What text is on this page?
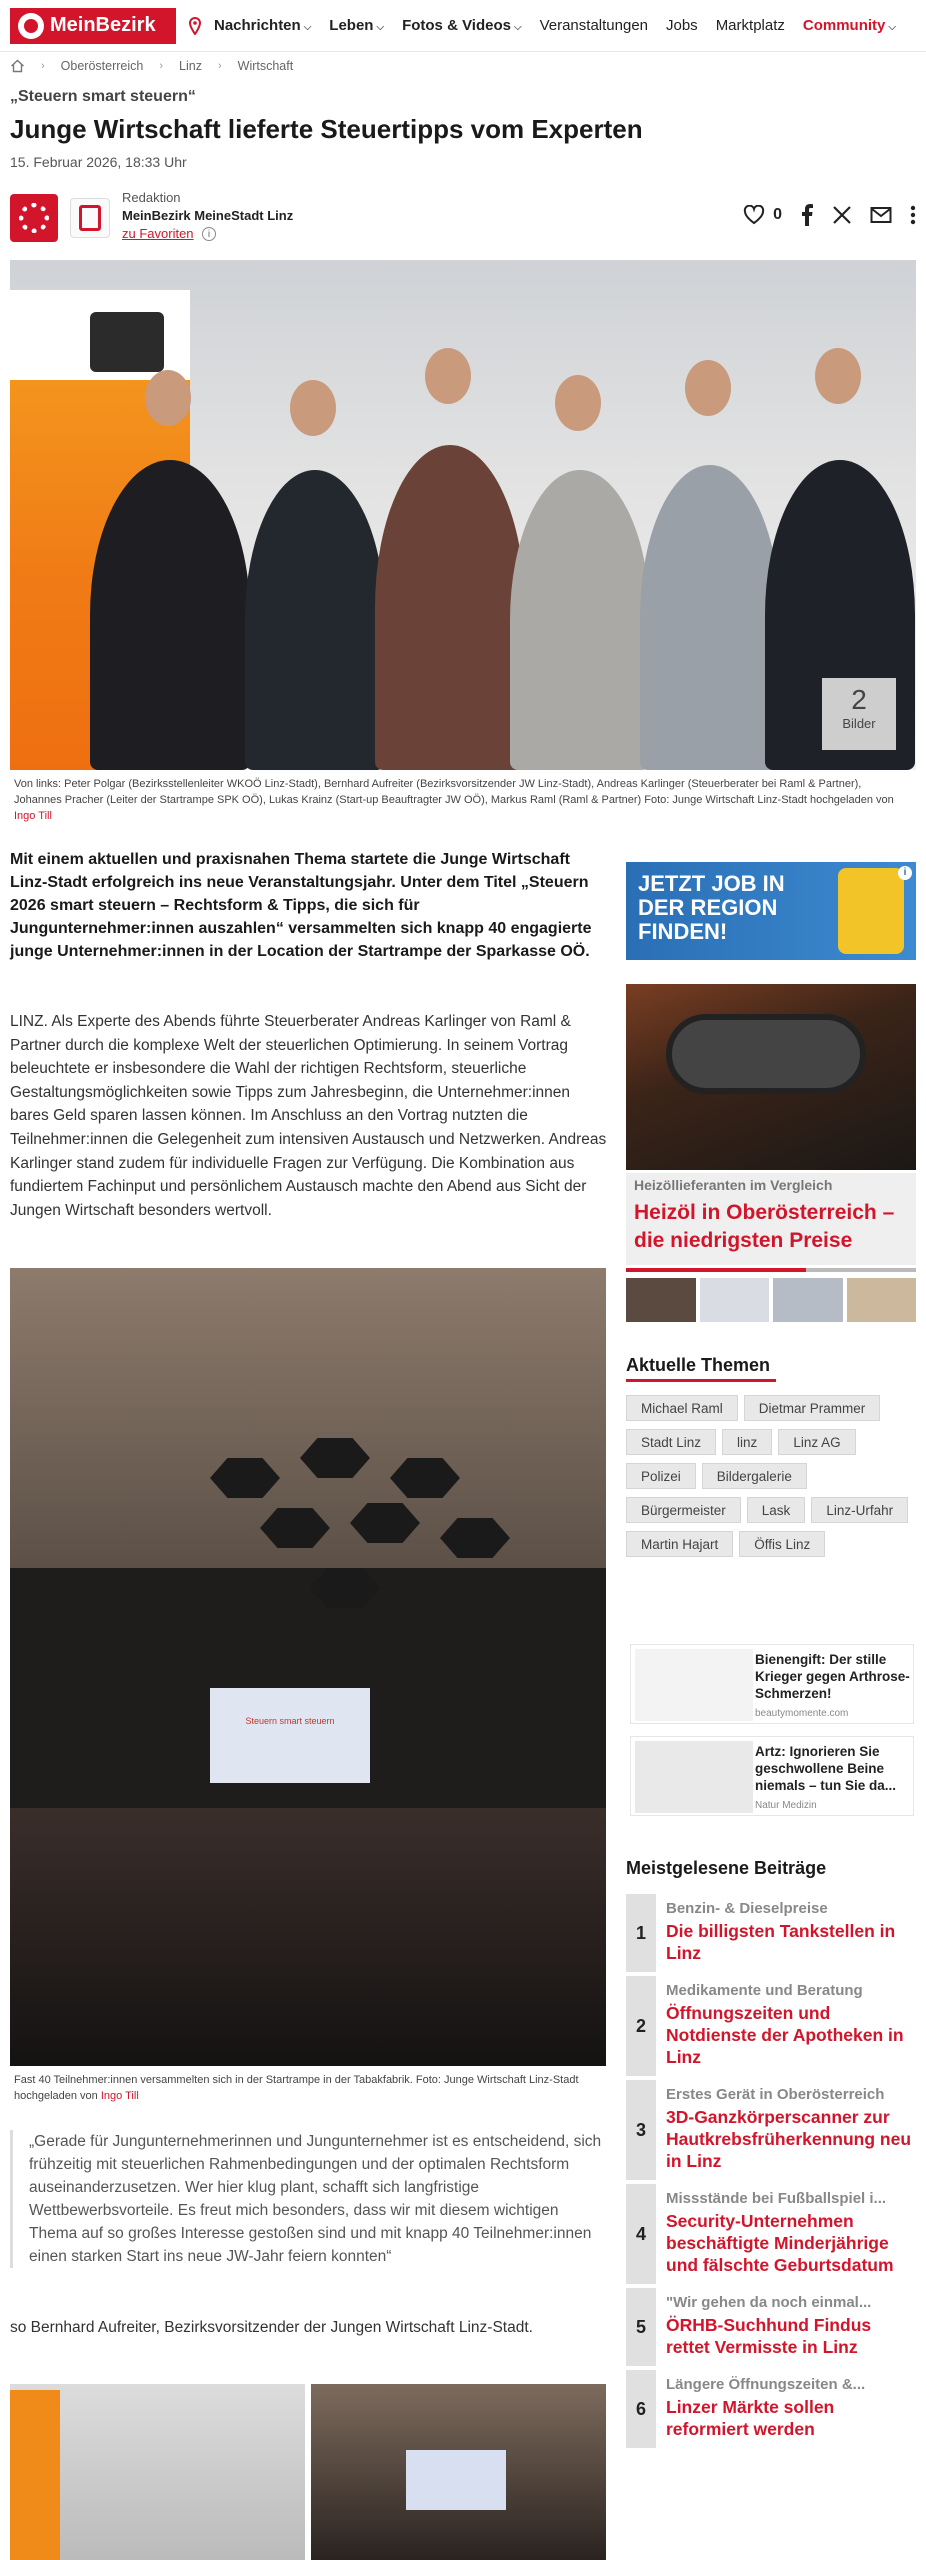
MeinBezirk	Nachrichten ⌵ Leben ⌵ Fotos & Videos ⌵ Veranstaltungen Jobs Marktplatz Community ⌵
› Oberösterreich › Linz › Wirtschaft
„Steuern smart steuern“
Junge Wirtschaft lieferte Steuertipps vom Experten
15. Februar 2026, 18:33 Uhr
Redaktion
MeinBezirk MeineStadt Linz
zu Favoriten	i
0
2
Bilder
Von links: Peter Polgar (Bezirksstellenleiter WKOÖ Linz-Stadt), Bernhard Aufreiter (Bezirksvorsitzender JW Linz-Stadt), Andreas Karlinger (Steuerberater bei Raml & Partner), Johannes Pracher (Leiter der Startrampe SPK OÖ), Lukas Krainz (Start-up Beauftragter JW OÖ), Markus Raml (Raml & Partner) Foto: Junge Wirtschaft Linz-Stadt hochgeladen von Ingo Till

Mit einem aktuellen und praxisnahen Thema startete die Junge Wirtschaft Linz-Stadt erfolgreich ins neue Veranstaltungsjahr. Unter dem Titel „Steuern 2026 smart steuern – Rechtsform & Tipps, die sich für Jungunternehmer:innen auszahlen“ versammelten sich knapp 40 engagierte junge Unternehmer:innen in der Location der Startrampe der Sparkasse OÖ.

LINZ. Als Experte des Abends führte Steuerberater Andreas Karlinger von Raml & Partner durch die komplexe Welt der steuerlichen Optimierung. In seinem Vortrag beleuchtete er insbesondere die Wahl der richtigen Rechtsform, steuerliche Gestaltungsmöglichkeiten sowie Tipps zum Jahresbeginn, die Unternehmer:innen bares Geld sparen lassen können. Im Anschluss an den Vortrag nutzten die Teilnehmer:innen die Gelegenheit zum intensiven Austausch und Netzwerken. Andreas Karlinger stand zudem für individuelle Fragen zur Verfügung. Die Kombination aus fundiertem Fachinput und persönlichem Austausch machte den Abend aus Sicht der Jungen Wirtschaft besonders wertvoll.

Steuern smart steuern
Fast 40 Teilnehmer:innen versammelten sich in der Startrampe in der Tabakfabrik. Foto: Junge Wirtschaft Linz-Stadt hochgeladen von Ingo Till
„Gerade für Jungunternehmerinnen und Jungunternehmer ist es entscheidend, sich frühzeitig mit steuerlichen Rahmenbedingungen und der optimalen Rechtsform auseinanderzusetzen. Wer hier klug plant, schafft sich langfristige Wettbewerbsvorteile. Es freut mich besonders, dass wir mit diesem wichtigen Thema auf so großes Interesse gestoßen sind und mit knapp 40 Teilnehmer:innen einen starken Start ins neue JW-Jahr feiern konnten“

so Bernhard Aufreiter, Bezirksvorsitzender der Jungen Wirtschaft Linz-Stadt.

JETZT JOB IN DER REGION FINDEN!
i
Heizöllieferanten im Vergleich
Heizöl in Oberösterreich – die niedrigsten Preise
Aktuelle Themen
Michael Raml	Dietmar Prammer
Stadt Linz	linz	Linz AG
Polizei	Bildergalerie
Bürgermeister	Lask	Linz-Urfahr
Martin Hajart	Öffis Linz
Bienengift: Der stille Krieger gegen Arthrose-Schmerzen!
beautymomente.com
Artz: Ignorieren Sie geschwollene Beine niemals – tun Sie da...
Natur Medizin
Meistgelesene Beiträge
1
Benzin- & Dieselpreise
Die billigsten Tankstellen in Linz
2
Medikamente und Beratung
Öffnungszeiten und Notdienste der Apotheken in Linz
3
Erstes Gerät in Oberösterreich
3D-Ganzkörperscanner zur Hautkrebsfrüherkennung neu in Linz
4
Missstände bei Fußballspiel i...
Security-Unternehmen beschäftigte Minderjährige und fälschte Geburtsdatum
5
"Wir gehen da noch einmal...
ÖRHB-Suchhund Findus rettet Vermisste in Linz
6
Längere Öffnungszeiten &...
Linzer Märkte sollen reformiert werden
